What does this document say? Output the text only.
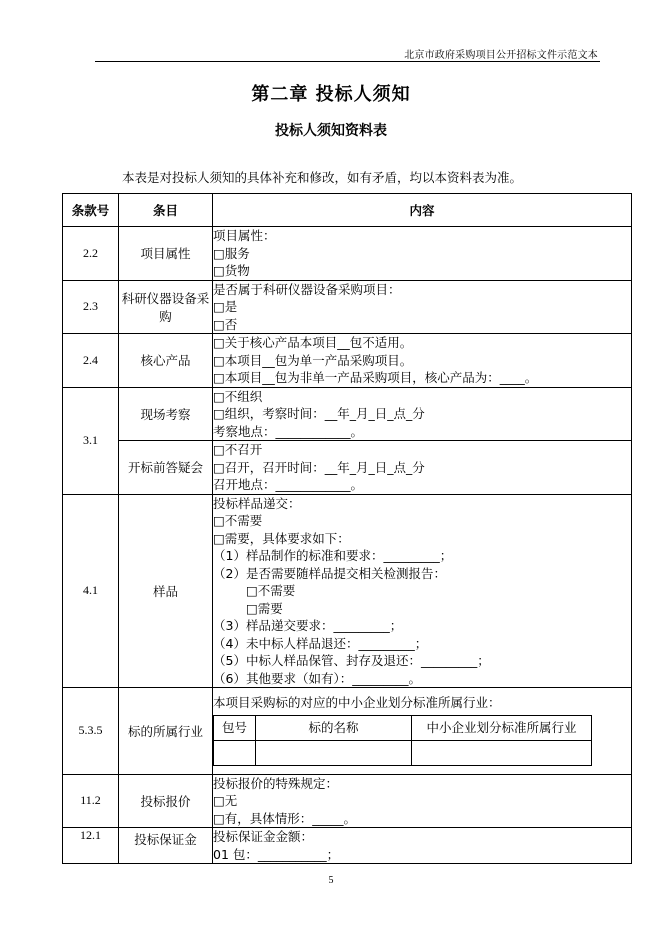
北京市政府采购项目公开招标文件示范文本
第二章 投标人须知
投标人须知资料表
本表是对投标人须知的具体补充和修改，如有矛盾，均以本资料表为准。
条款号	条目	内容
2.2	项目属性	
项目属性：
□服务
□货物

2.3	科研仪器设备采购	
是否属于科研仪器设备采购项目：
□是
□否

2.4	核心产品	
□关于核心产品本项目__包不适用。
□本项目__包为单一产品采购项目。
□本项目__包为非单一产品采购项目，核心产品为：____。

3.1	现场考察	
□不组织
□组织，考察时间：__年_月_日_点_分
考察地点：____________。

开标前答疑会	
□不召开
□召开，召开时间：__年_月_日_点_分
召开地点：____________。

4.1	样品	
投标样品递交：
□不需要
□需要，具体要求如下：
（1）样品制作的标准和要求：_________；
（2）是否需要随样品提交相关检测报告：
□不需要
□需要
（3）样品递交要求：_________；
（4）未中标人样品退还：_________；
（5）中标人样品保管、封存及退还：_________；
（6）其他要求（如有）：_________。

5.3.5	标的所属行业	
本项目采购标的对应的中小企业划分标准所属行业：
包号	标的名称	中小企业划分标准所属行业

11.2	投标报价	
投标报价的特殊规定：
□无
□有，具体情形：_____。

12.1	投标保证金	投标保证金金额：
01 包：___________；
5
